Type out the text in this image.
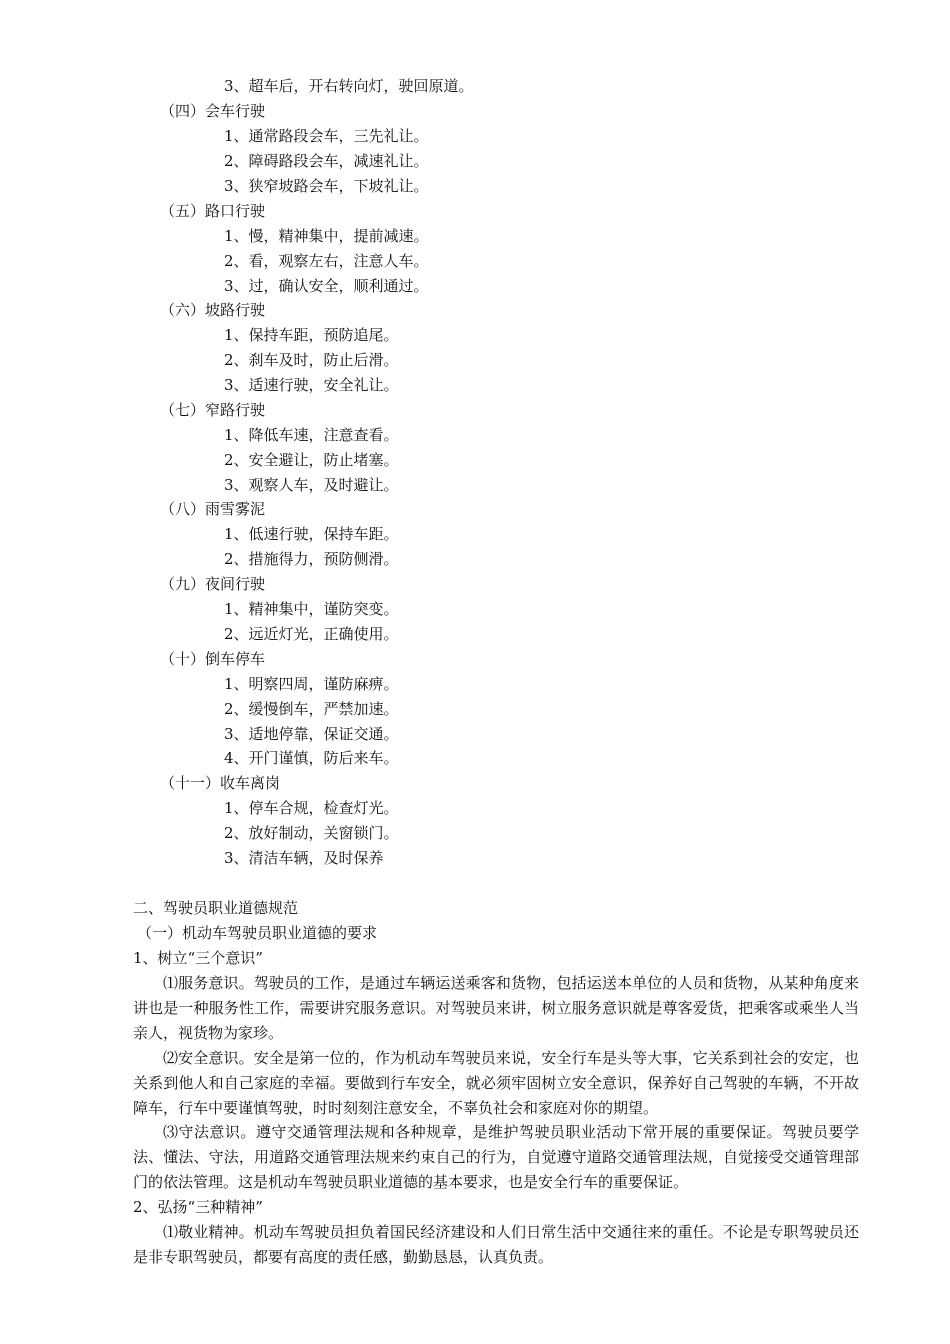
3、超车后，开右转向灯，驶回原道。
（四）会车行驶
1、通常路段会车，三先礼让。
2、障碍路段会车，减速礼让。
3、狭窄坡路会车，下坡礼让。
（五）路口行驶
1、慢，精神集中，提前减速。
2、看，观察左右，注意人车。
3、过，确认安全，顺利通过。
（六）坡路行驶
1、保持车距，预防追尾。
2、刹车及时，防止后滑。
3、适速行驶，安全礼让。
（七）窄路行驶
1、降低车速，注意查看。
2、安全避让，防止堵塞。
3、观察人车，及时避让。
（八）雨雪雾泥
1、低速行驶，保持车距。
2、措施得力，预防侧滑。
（九）夜间行驶
1、精神集中，谨防突变。
2、远近灯光，正确使用。
（十）倒车停车
1、明察四周，谨防麻痹。
2、缓慢倒车，严禁加速。
3、适地停靠，保证交通。
4、开门谨慎，防后来车。
（十一）收车离岗
1、停车合规，检查灯光。
2、放好制动，关窗锁门。
3、清洁车辆，及时保养
二、驾驶员职业道德规范
（一）机动车驾驶员职业道德的要求
1、树立“三个意识”
⑴服务意识。驾驶员的工作，是通过车辆运送乘客和货物，包括运送本单位的人员和货物，从某种角度来讲也是一种服务性工作，需要讲究服务意识。对驾驶员来讲，树立服务意识就是尊客爱货，把乘客或乘坐人当亲人，视货物为家珍。
⑵安全意识。安全是第一位的，作为机动车驾驶员来说，安全行车是头等大事，它关系到社会的安定，也关系到他人和自己家庭的幸福。要做到行车安全，就必须牢固树立安全意识，保养好自己驾驶的车辆，不开故障车，行车中要谨慎驾驶，时时刻刻注意安全，不辜负社会和家庭对你的期望。
⑶守法意识。遵守交通管理法规和各种规章，是维护驾驶员职业活动下常开展的重要保证。驾驶员要学法、懂法、守法，用道路交通管理法规来约束自己的行为，自觉遵守道路交通管理法规，自觉接受交通管理部门的依法管理。这是机动车驾驶员职业道德的基本要求，也是安全行车的重要保证。
2、弘扬“三种精神”
⑴敬业精神。机动车驾驶员担负着国民经济建设和人们日常生活中交通往来的重任。不论是专职驾驶员还是非专职驾驶员，都要有高度的责任感，勤勤恳恳，认真负责。
